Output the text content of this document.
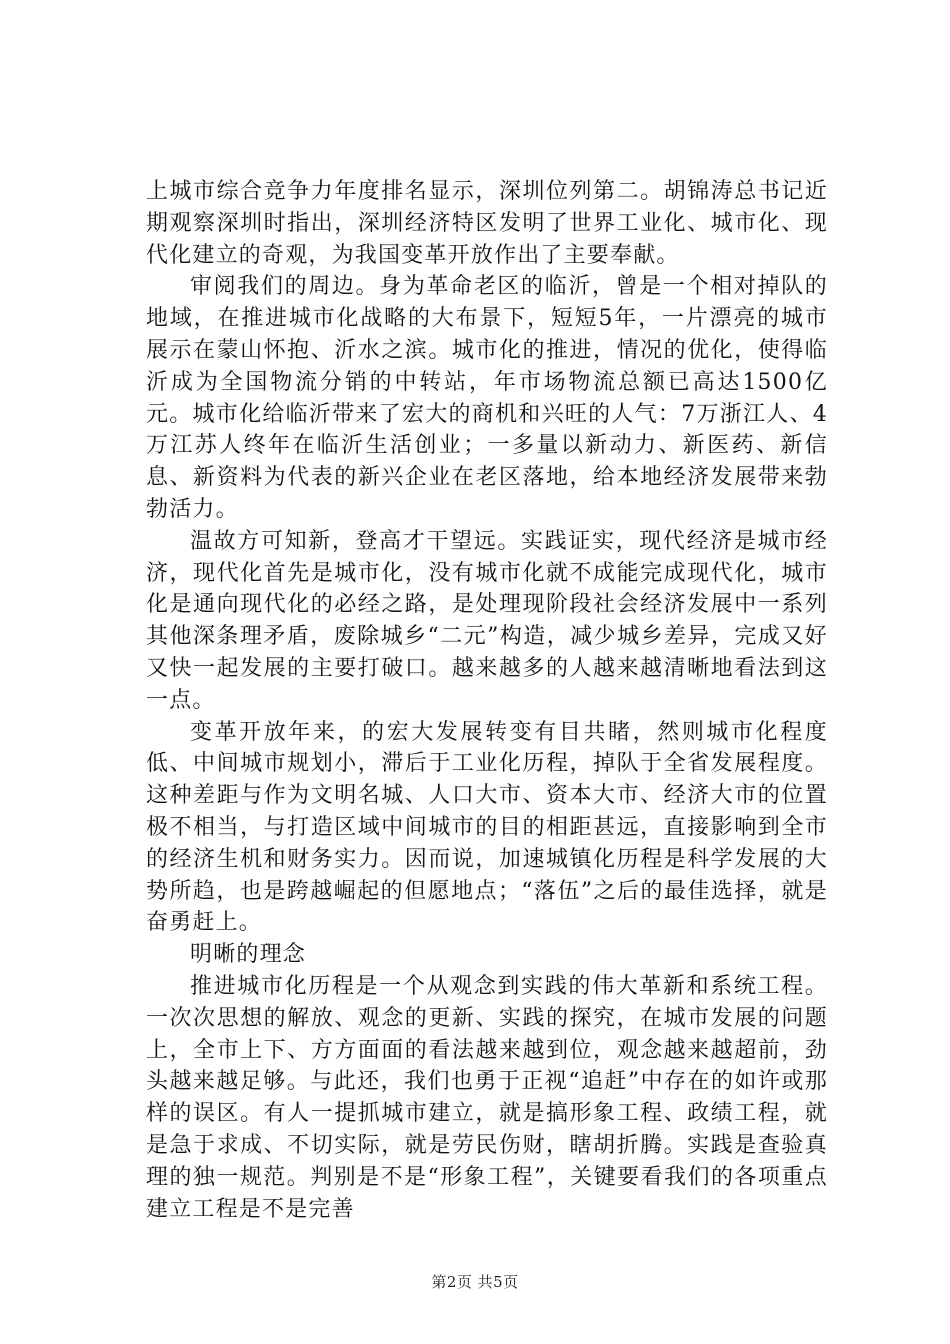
上城市综合竞争力年度排名显示，深圳位列第二。胡锦涛总书记近期观察深圳时指出，深圳经济特区发明了世界工业化、城市化、现代化建立的奇观，为我国变革开放作出了主要奉献。

审阅我们的周边。身为革命老区的临沂，曾是一个相对掉队的地域，在推进城市化战略的大布景下，短短5年，一片漂亮的城市展示在蒙山怀抱、沂水之滨。城市化的推进，情况的优化，使得临沂成为全国物流分销的中转站，年市场物流总额已高达1500亿元。城市化给临沂带来了宏大的商机和兴旺的人气：7万浙江人、4万江苏人终年在临沂生活创业；一多量以新动力、新医药、新信息、新资料为代表的新兴企业在老区落地，给本地经济发展带来勃勃活力。

温故方可知新，登高才干望远。实践证实，现代经济是城市经济，现代化首先是城市化，没有城市化就不成能完成现代化，城市化是通向现代化的必经之路，是处理现阶段社会经济发展中一系列其他深条理矛盾，废除城乡“二元”构造，减少城乡差异，完成又好又快一起发展的主要打破口。越来越多的人越来越清晰地看法到这一点。

变革开放年来，的宏大发展转变有目共睹，然则城市化程度低、中间城市规划小，滞后于工业化历程，掉队于全省发展程度。这种差距与作为文明名城、人口大市、资本大市、经济大市的位置极不相当，与打造区域中间城市的目的相距甚远，直接影响到全市的经济生机和财务实力。因而说，加速城镇化历程是科学发展的大势所趋，也是跨越崛起的但愿地点；“落伍”之后的最佳选择，就是奋勇赶上。

明晰的理念

推进城市化历程是一个从观念到实践的伟大革新和系统工程。一次次思想的解放、观念的更新、实践的探究，在城市发展的问题上，全市上下、方方面面的看法越来越到位，观念越来越超前，劲头越来越足够。与此还，我们也勇于正视“追赶”中存在的如许或那样的误区。有人一提抓城市建立，就是搞形象工程、政绩工程，就是急于求成、不切实际，就是劳民伤财，瞎胡折腾。实践是查验真理的独一规范。判别是不是“形象工程”，关键要看我们的各项重点建立工程是不是完善

第2页 共5页
